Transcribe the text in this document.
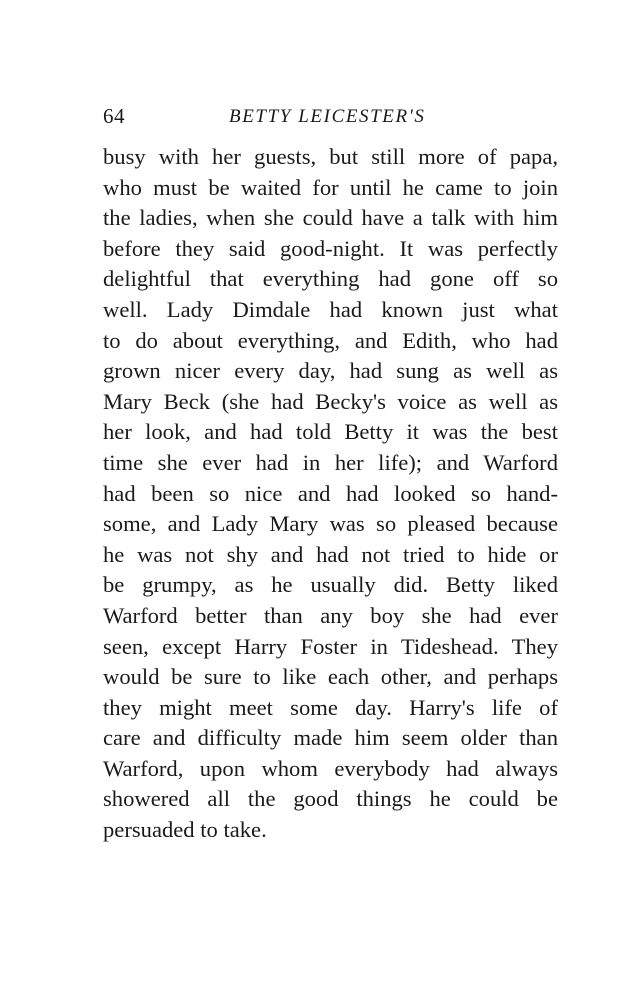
64	BETTY LEICESTER'S
busy with her guests, but still more of papa,
who must be waited for until he came to join
the ladies, when she could have a talk with him
before they said good-night. It was perfectly
delightful that everything had gone off so
well. Lady Dimdale had known just what
to do about everything, and Edith, who had
grown nicer every day, had sung as well as
Mary Beck (she had Becky's voice as well as
her look, and had told Betty it was the best
time she ever had in her life); and Warford
had been so nice and had looked so hand-
some, and Lady Mary was so pleased because
he was not shy and had not tried to hide or
be grumpy, as he usually did. Betty liked
Warford better than any boy she had ever
seen, except Harry Foster in Tideshead. They
would be sure to like each other, and perhaps
they might meet some day. Harry's life of
care and difficulty made him seem older than
Warford, upon whom everybody had always
showered all the good things he could be
persuaded to take.
